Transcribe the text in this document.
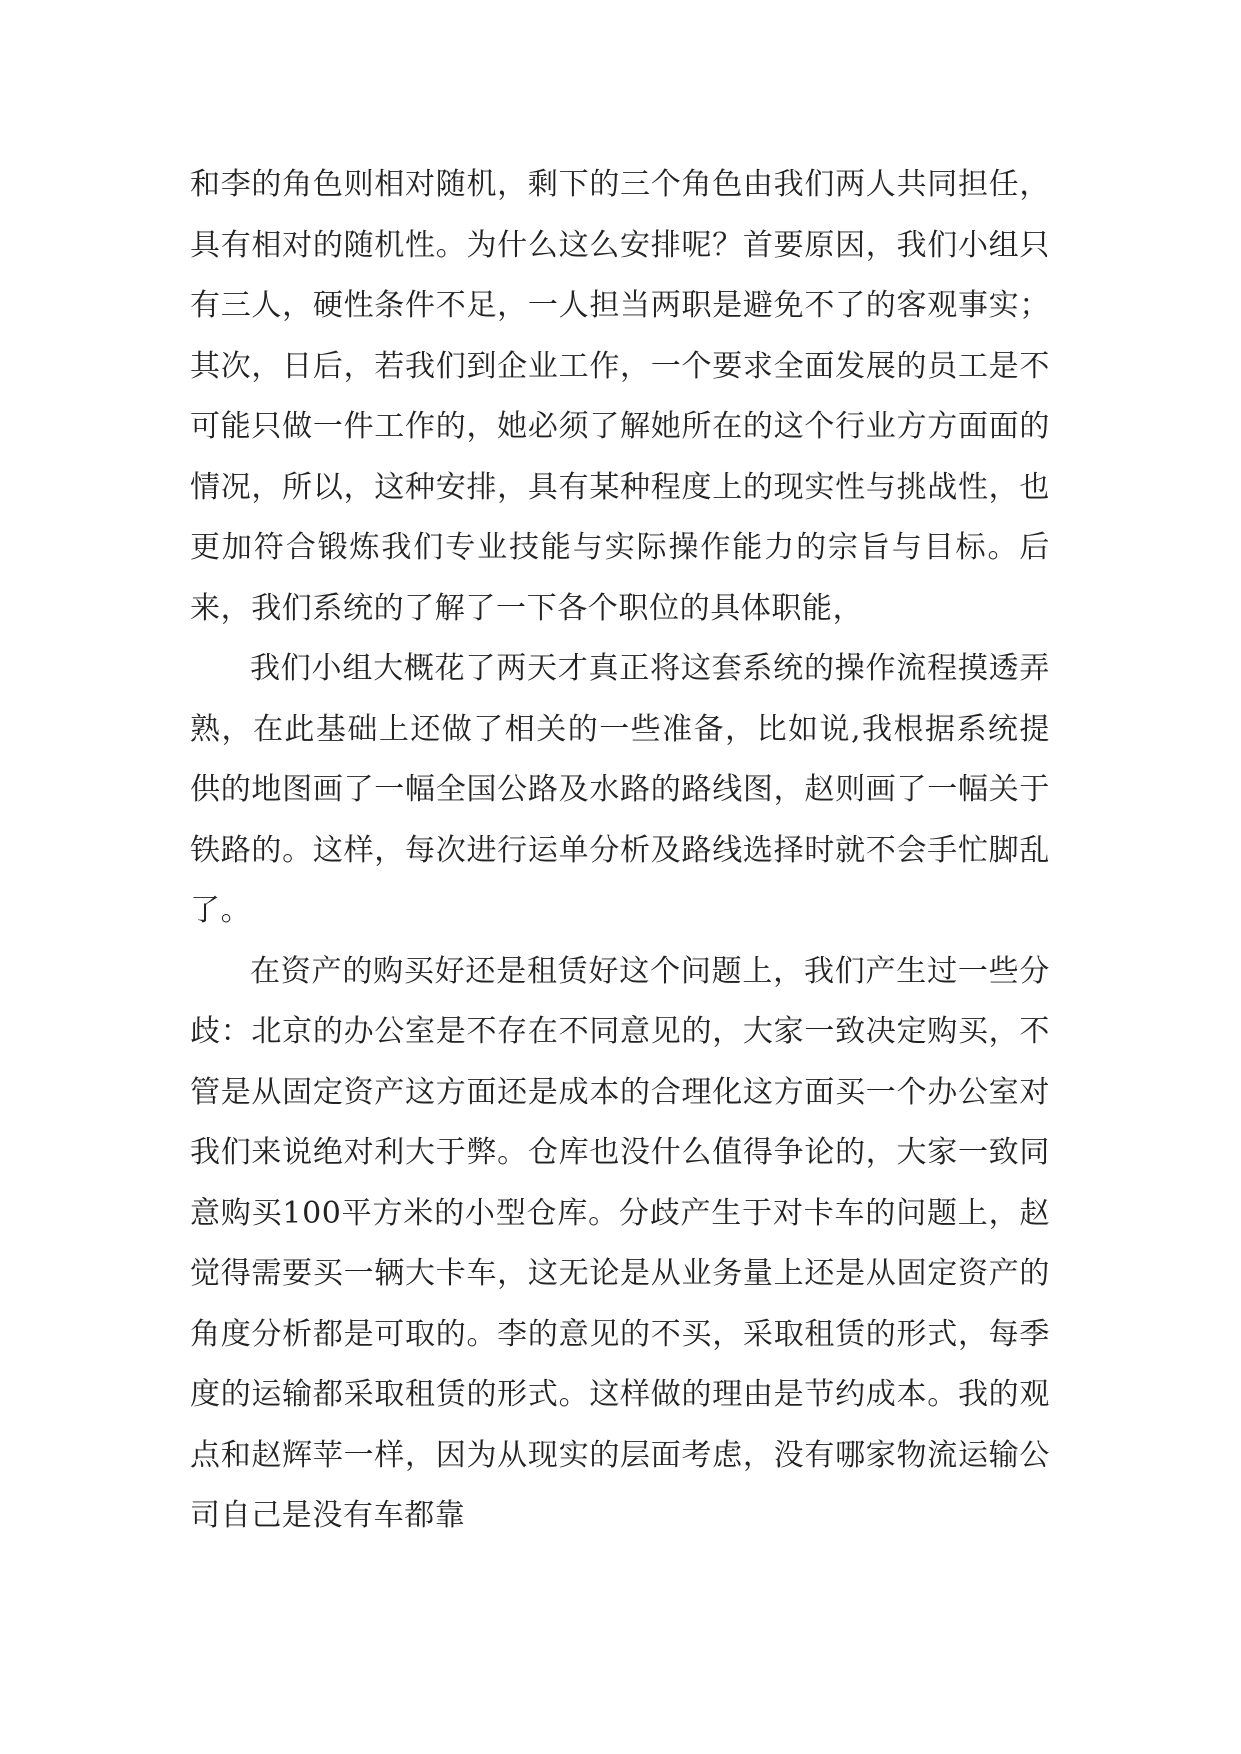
和李的角色则相对随机，剩下的三个角色由我们两人共同担任，具有相对的随机性。为什么这么安排呢？首要原因，我们小组只有三人，硬性条件不足，一人担当两职是避免不了的客观事实；其次，日后，若我们到企业工作，一个要求全面发展的员工是不可能只做一件工作的，她必须了解她所在的这个行业方方面面的情况，所以，这种安排，具有某种程度上的现实性与挑战性，也更加符合锻炼我们专业技能与实际操作能力的宗旨与目标。后来，我们系统的了解了一下各个职位的具体职能，

我们小组大概花了两天才真正将这套系统的操作流程摸透弄熟，在此基础上还做了相关的一些准备，比如说,我根据系统提供的地图画了一幅全国公路及水路的路线图，赵则画了一幅关于铁路的。这样，每次进行运单分析及路线选择时就不会手忙脚乱了。

在资产的购买好还是租赁好这个问题上，我们产生过一些分歧：北京的办公室是不存在不同意见的，大家一致决定购买，不管是从固定资产这方面还是成本的合理化这方面买一个办公室对我们来说绝对利大于弊。仓库也没什么值得争论的，大家一致同意购买100平方米的小型仓库。分歧产生于对卡车的问题上，赵觉得需要买一辆大卡车，这无论是从业务量上还是从固定资产的角度分析都是可取的。李的意见的不买，采取租赁的形式，每季度的运输都采取租赁的形式。这样做的理由是节约成本。我的观点和赵辉苹一样，因为从现实的层面考虑，没有哪家物流运输公司自己是没有车都靠
